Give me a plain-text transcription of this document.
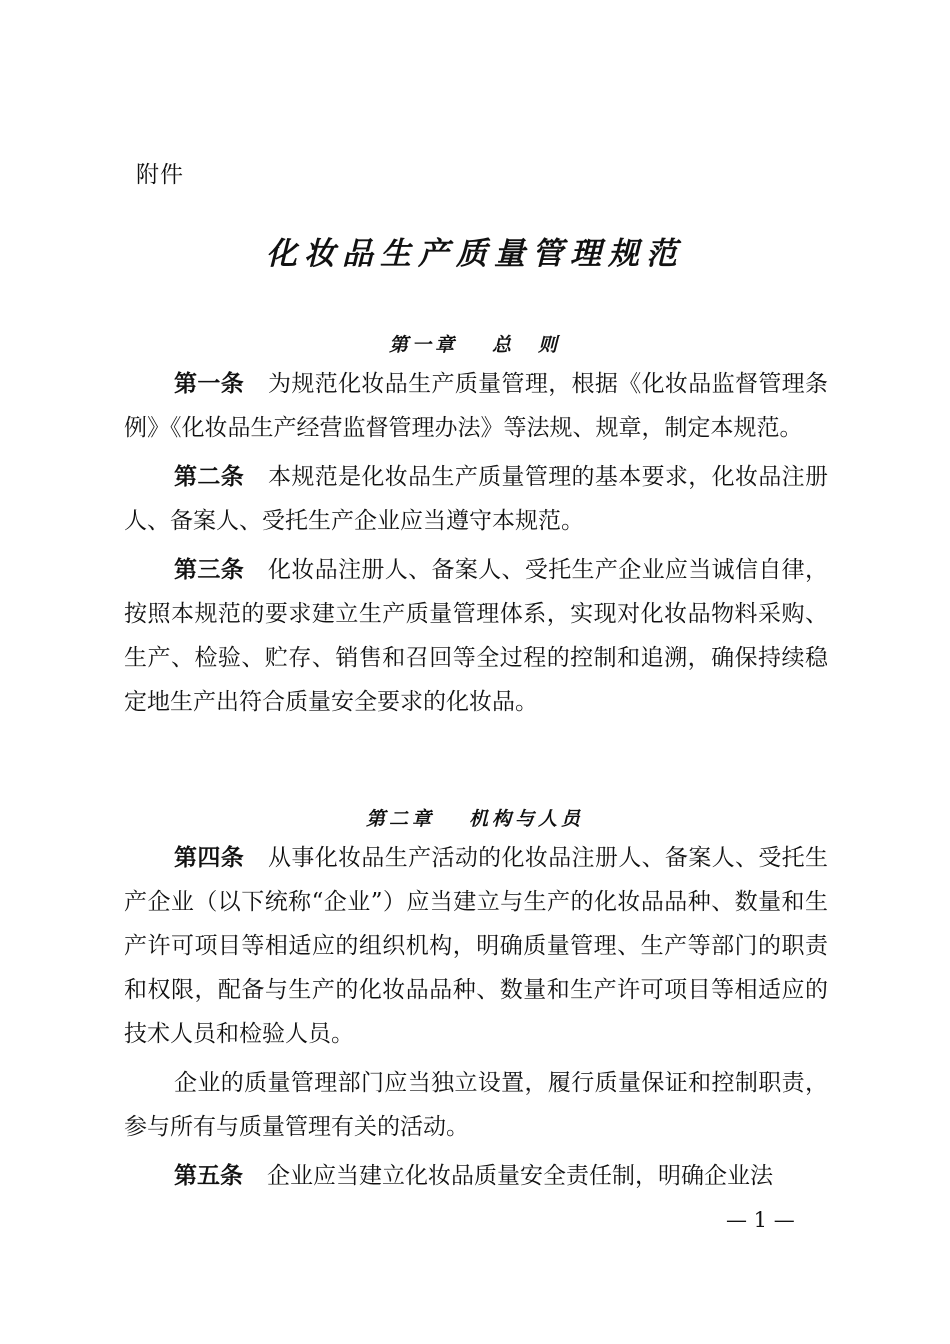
附件
化妆品生产质量管理规范
第一章 总　则

第一条 为规范化妆品生产质量管理，根据《化妆品监督管理条例》《化妆品生产经营监督管理办法》等法规、规章，制定本规范。

第二条 本规范是化妆品生产质量管理的基本要求，化妆品注册人、备案人、受托生产企业应当遵守本规范。

第三条 化妆品注册人、备案人、受托生产企业应当诚信自律，按照本规范的要求建立生产质量管理体系，实现对化妆品物料采购、生产、检验、贮存、销售和召回等全过程的控制和追溯，确保持续稳定地生产出符合质量安全要求的化妆品。

第二章 机构与人员

第四条 从事化妆品生产活动的化妆品注册人、备案人、受托生产企业（以下统称“企业”）应当建立与生产的化妆品品种、数量和生产许可项目等相适应的组织机构，明确质量管理、生产等部门的职责和权限，配备与生产的化妆品品种、数量和生产许可项目等相适应的技术人员和检验人员。

企业的质量管理部门应当独立设置，履行质量保证和控制职责，参与所有与质量管理有关的活动。

第五条 企业应当建立化妆品质量安全责任制，明确企业法

— 1 —
